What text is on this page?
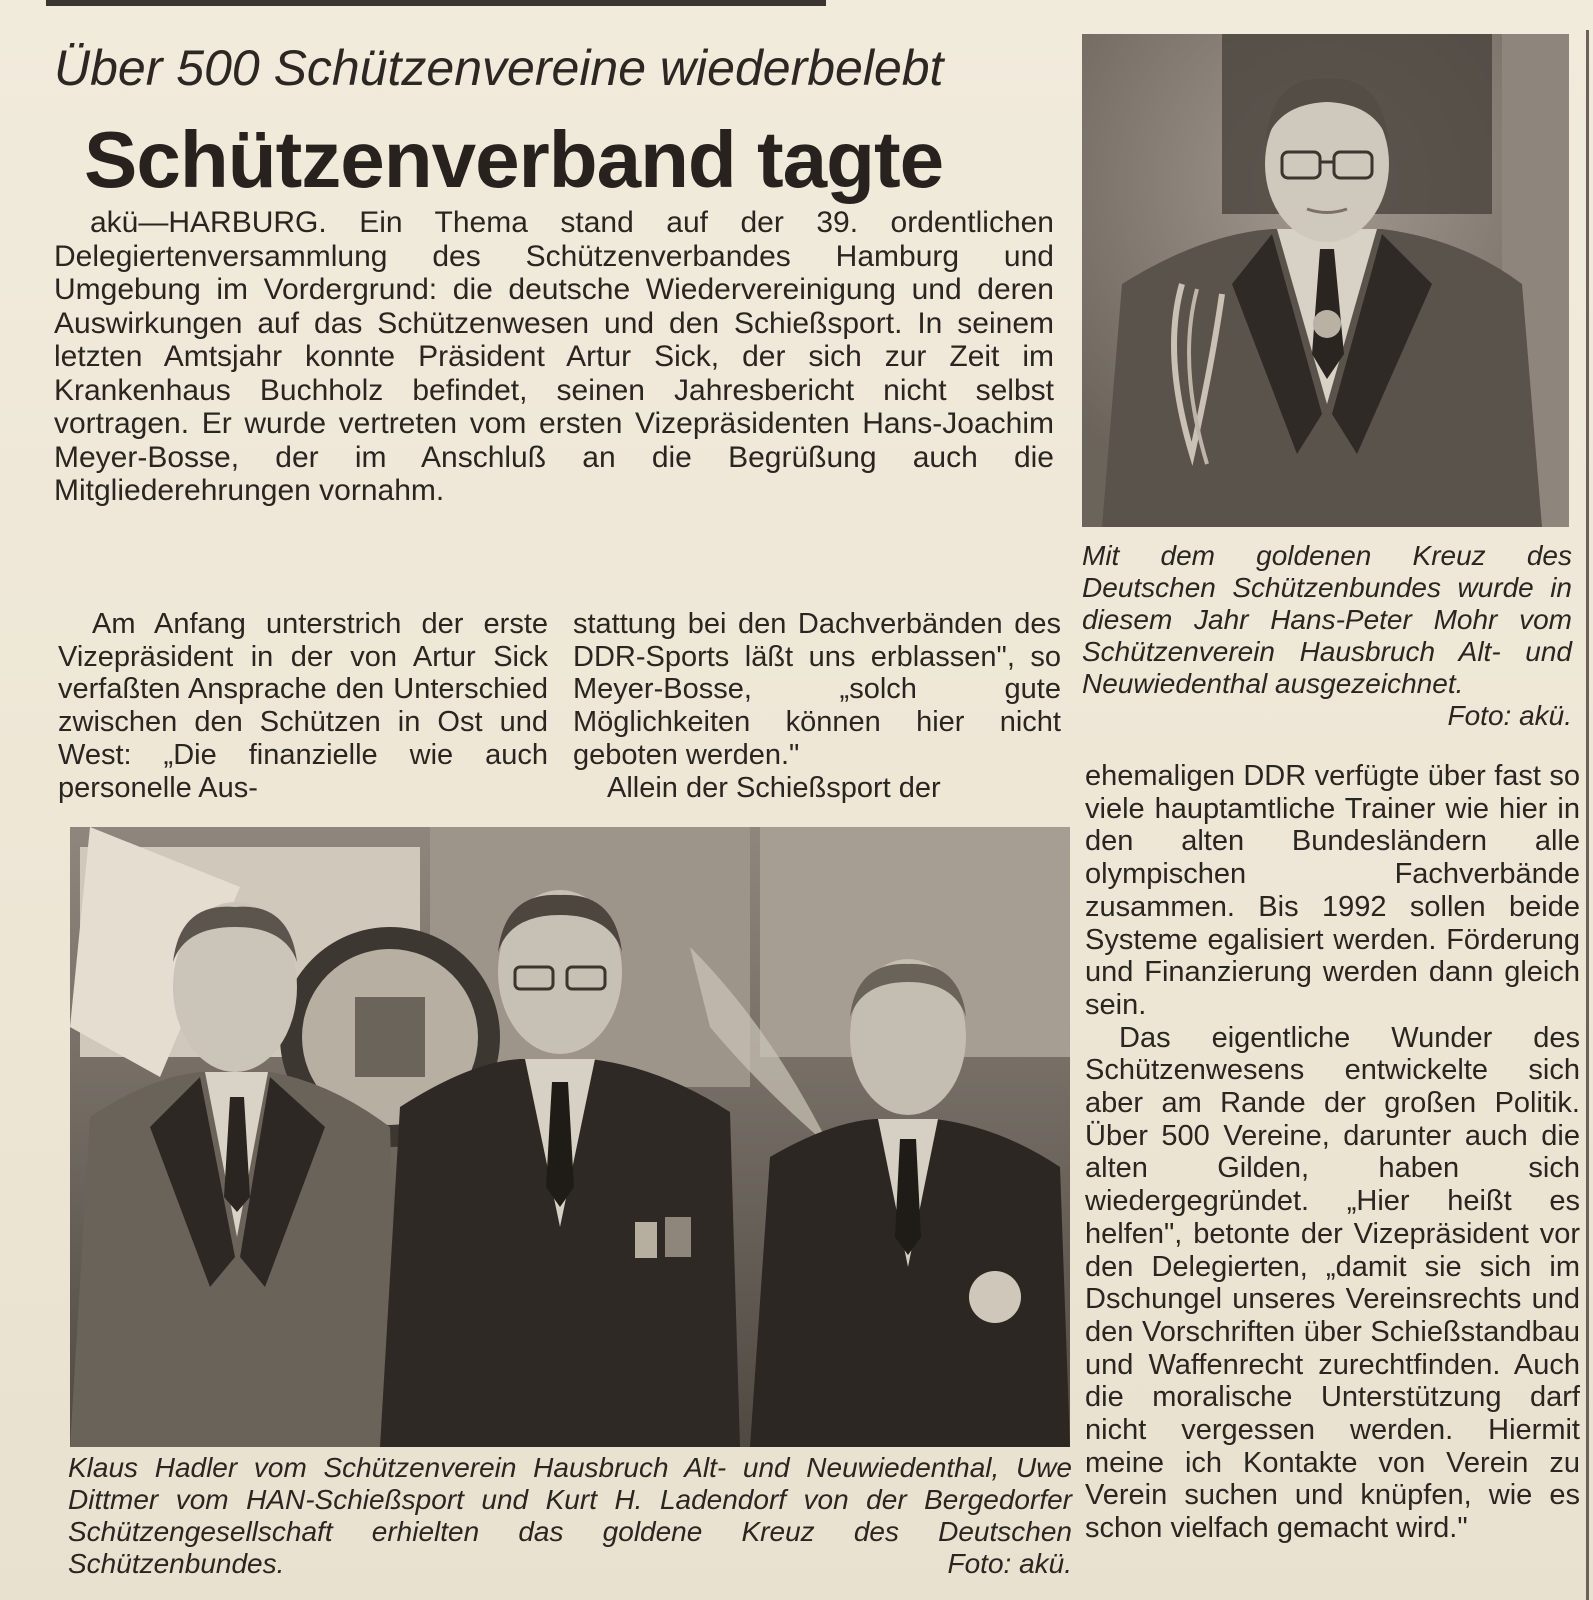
Über 500 Schützenvereine wiederbelebt
Schützenverband tagte

akü—HARBURG. Ein Thema stand auf der 39. ordentlichen Delegiertenversammlung des Schützenverbandes Hamburg und Umgebung im Vordergrund: die deutsche Wiedervereinigung und deren Auswirkungen auf das Schützenwesen und den Schießsport. In seinem letzten Amtsjahr konnte Präsident Artur Sick, der sich zur Zeit im Krankenhaus Buchholz befindet, seinen Jahresbericht nicht selbst vortragen. Er wurde vertreten vom ersten Vizepräsidenten Hans-Joachim Meyer-Bosse, der im Anschluß an die Begrüßung auch die Mitgliederehrungen vornahm.

Am Anfang unterstrich der erste Vizepräsident in der von Artur Sick verfaßten Ansprache den Unterschied zwischen den Schützen in Ost und West: „Die finanzielle wie auch personelle Aus-

stattung bei den Dachverbänden des DDR-Sports läßt uns erblassen", so Meyer-Bosse, „solch gute Möglichkeiten können hier nicht geboten werden."

Allein der Schießsport der	ehemaligen DDR verfügte über fast so viele hauptamtliche Trainer wie hier in den alten Bundesländern alle olympischen Fachverbände zusammen. Bis 1992 sollen beide Systeme egalisiert werden. Förderung und Finanzierung werden dann gleich sein.

Das eigentliche Wunder des Schützenwesens entwickelte sich aber am Rande der großen Politik. Über 500 Vereine, darunter auch die alten Gilden, haben sich wiedergegründet. „Hier heißt es helfen", betonte der Vizepräsident vor den Delegierten, „damit sie sich im Dschungel unseres Vereinsrechts und den Vorschriften über Schießstandbau und Waffenrecht zurechtfinden. Auch die moralische Unterstützung darf nicht vergessen werden. Hiermit meine ich Kontakte von Verein zu Verein suchen und knüpfen, wie es schon vielfach gemacht wird."

Mit dem goldenen Kreuz des Deutschen Schützenbundes wurde in diesem Jahr Hans-Peter Mohr vom Schützenverein Hausbruch Alt- und Neuwiedenthal ausgezeichnet.
Foto: akü.
Klaus Hadler vom Schützenverein Hausbruch Alt- und Neuwiedenthal, Uwe Dittmer vom HAN-Schießsport und Kurt H. Ladendorf von der Bergedorfer Schützengesellschaft erhielten das goldene Kreuz des Deutschen Schützenbundes.	Foto: akü.
